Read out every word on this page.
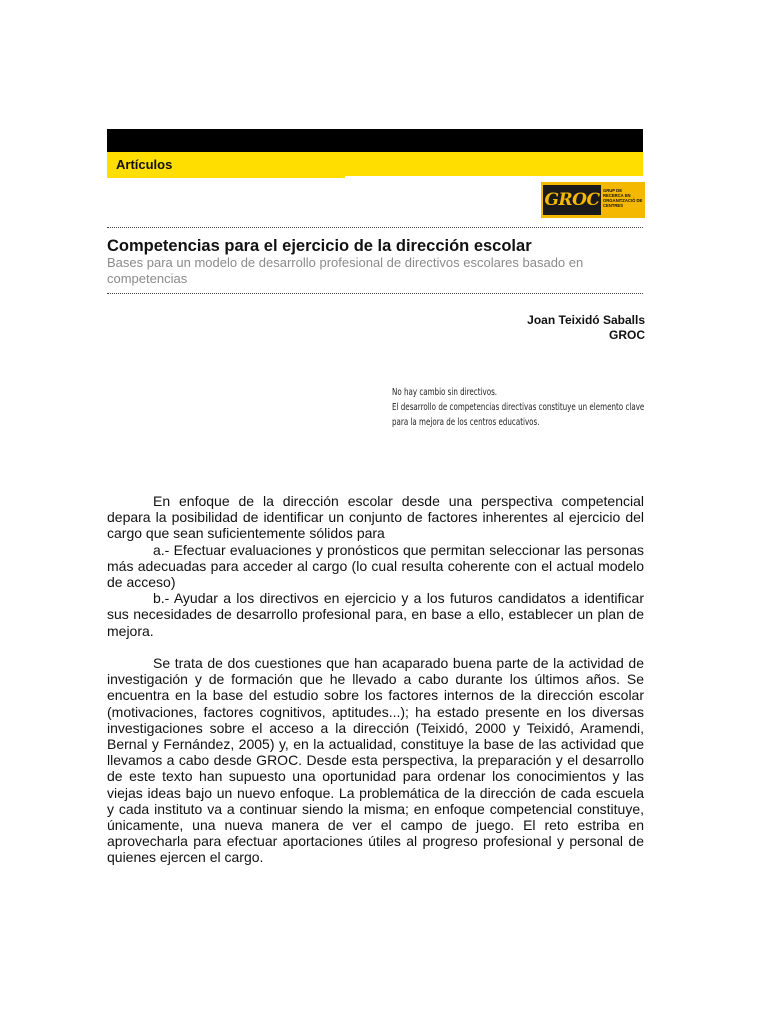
Artículos
GROC GRUP DE RECERCA EN ORGANITZACIÓ DE CENTRES
Competencias para el ejercicio de la dirección escolar

Bases para un modelo de desarrollo profesional de directivos escolares basado en competencias

Joan Teixidó Saballs
GROC

No hay cambio sin directivos.

El desarrollo de competencias directivas constituye un elemento clave para la mejora de los centros educativos.

En enfoque de la dirección escolar desde una perspectiva competencial depara la posibilidad de identificar un conjunto de factores inherentes al ejercicio del cargo que sean suficientemente sólidos para

a.- Efectuar evaluaciones y pronósticos que permitan seleccionar las personas más adecuadas para acceder al cargo (lo cual resulta coherente con el actual modelo de acceso)

b.- Ayudar a los directivos en ejercicio y a los futuros candidatos a identificar sus necesidades de desarrollo profesional para, en base a ello, establecer un plan de mejora.

Se trata de dos cuestiones que han acaparado buena parte de la actividad de investigación y de formación que he llevado a cabo durante los últimos años. Se encuentra en la base del estudio sobre los factores internos de la dirección escolar (motivaciones, factores cognitivos, aptitudes...); ha estado presente en los diversas investigaciones sobre el acceso a la dirección (Teixidó, 2000 y Teixidó, Aramendi, Bernal y Fernández, 2005) y, en la actualidad, constituye la base de las actividad que llevamos a cabo desde GROC. Desde esta perspectiva, la preparación y el desarrollo de este texto han supuesto una oportunidad para ordenar los conocimientos y las viejas ideas bajo un nuevo enfoque. La problemática de la dirección de cada escuela y cada instituto va a continuar siendo la misma; en enfoque competencial constituye, únicamente, una nueva manera de ver el campo de juego. El reto estriba en aprovecharla para efectuar aportaciones útiles al progreso profesional y personal de quienes ejercen el cargo.
